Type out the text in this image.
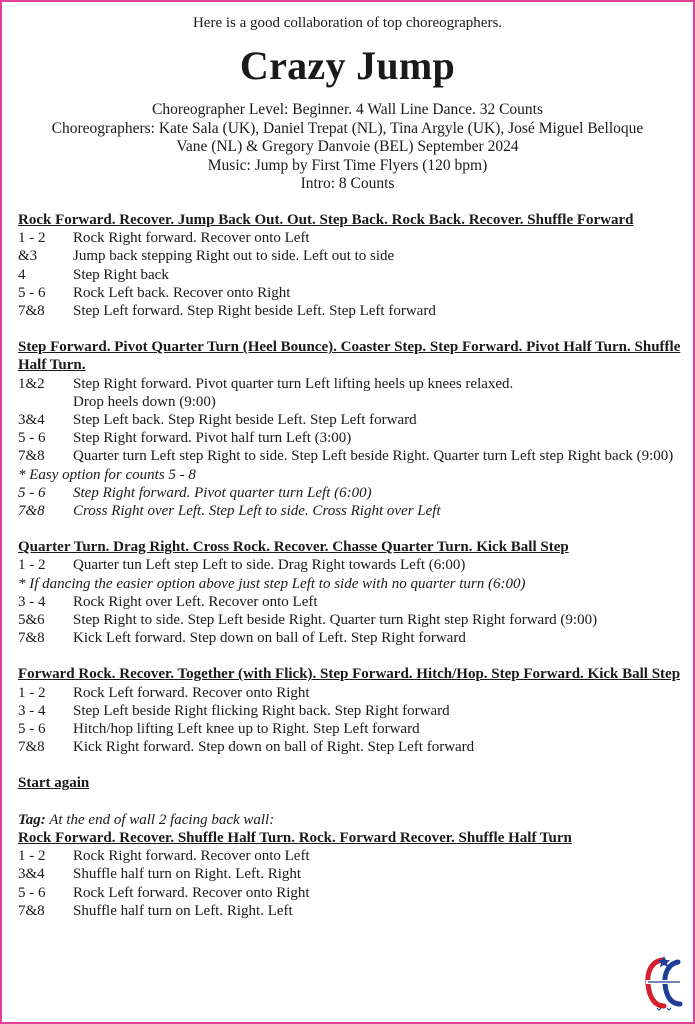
Here is a good collaboration of top choreographers.
Crazy Jump
Choreographer Level: Beginner. 4 Wall Line Dance. 32 Counts
Choreographers: Kate Sala (UK), Daniel Trepat (NL), Tina Argyle (UK), José Miguel Belloque
Vane (NL) & Gregory Danvoie (BEL) September 2024
Music: Jump by First Time Flyers (120 bpm)
Intro: 8 Counts
Rock Forward. Recover. Jump Back Out. Out. Step Back. Rock Back. Recover. Shuffle Forward
1 - 2	Rock Right forward. Recover onto Left
&3	Jump back stepping Right out to side. Left out to side
4	Step Right back
5 - 6	Rock Left back. Recover onto Right
7&8	Step Left forward. Step Right beside Left. Step Left forward
Step Forward. Pivot Quarter Turn (Heel Bounce). Coaster Step. Step Forward. Pivot Half Turn. Shuffle Half Turn.
1&2	Step Right forward. Pivot quarter turn Left lifting heels up knees relaxed.
Drop heels down (9:00)
3&4	Step Left back. Step Right beside Left. Step Left forward
5 - 6	Step Right forward. Pivot half turn Left (3:00)
7&8	Quarter turn Left step Right to side. Step Left beside Right. Quarter turn Left step Right back (9:00)
* Easy option for counts 5 - 8
5 - 6	Step Right forward. Pivot quarter turn Left (6:00)
7&8	Cross Right over Left. Step Left to side. Cross Right over Left
Quarter Turn. Drag Right. Cross Rock. Recover. Chasse Quarter Turn. Kick Ball Step
1 - 2	Quarter tun Left step Left to side. Drag Right towards Left (6:00)
* If dancing the easier option above just step Left to side with no quarter turn (6:00)
3 - 4	Rock Right over Left. Recover onto Left
5&6	Step Right to side. Step Left beside Right. Quarter turn Right step Right forward (9:00)
7&8	Kick Left forward. Step down on ball of Left. Step Right forward
Forward Rock. Recover. Together (with Flick). Step Forward. Hitch/Hop. Step Forward. Kick Ball Step
1 - 2	Rock Left forward. Recover onto Right
3 - 4	Step Left beside Right flicking Right back. Step Right forward
5 - 6	Hitch/hop lifting Left knee up to Right. Step Left forward
7&8	Kick Right forward. Step down on ball of Right. Step Left forward
Start again
Tag: At the end of wall 2 facing back wall:
Rock Forward. Recover. Shuffle Half Turn. Rock. Forward Recover. Shuffle Half Turn
1 - 2	Rock Right forward. Recover onto Left
3&4	Shuffle half turn on Right. Left. Right
5 - 6	Rock Left forward. Recover onto Right
7&8	Shuffle half turn on Left. Right. Left
